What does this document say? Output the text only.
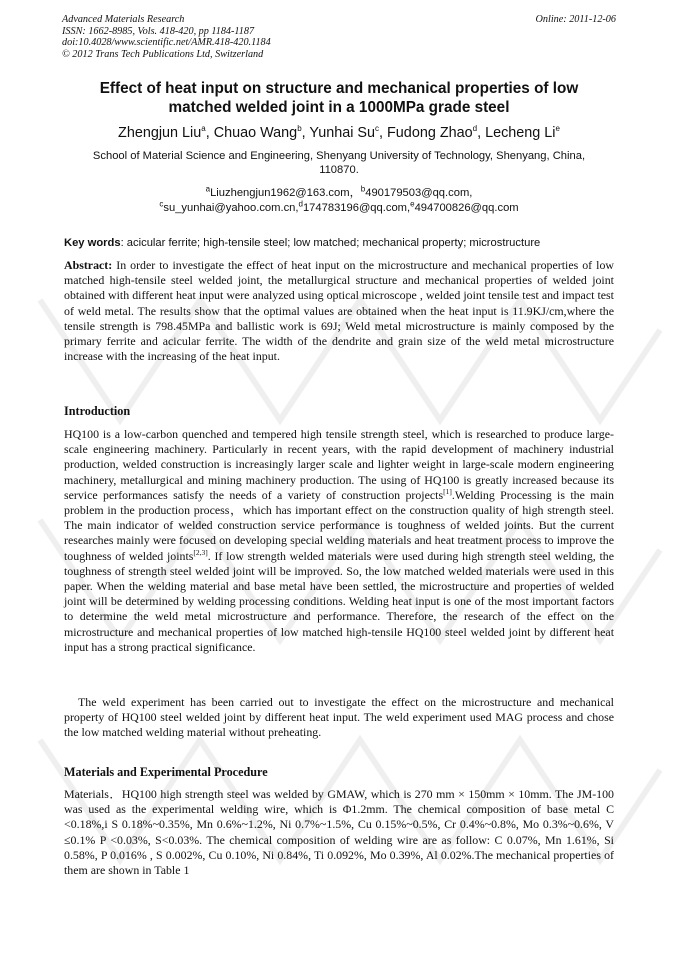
Advanced Materials Research
ISSN: 1662-8985, Vols. 418-420, pp 1184-1187
doi:10.4028/www.scientific.net/AMR.418-420.1184
© 2012 Trans Tech Publications Ltd, Switzerland
Online: 2011-12-06
Effect of heat input on structure and mechanical properties of low
matched welded joint in a 1000MPa grade steel
Zhengjun Liu$^a$, Chuao Wang$^b$, Yunhai Su$^c$, Fudong Zhao$^d$, Lecheng Li$^e$
School of Material Science and Engineering, Shenyang University of Technology, Shenyang, China,
110870.
$^a$Liuzhengjun1962@163.com，$^b$490179503@qq.com,
$^c$su_yunhai@yahoo.com.cn,$^d$174783196@qq.com,$^e$494700826@qq.com
Key words: acicular ferrite; high-tensile steel; low matched; mechanical property; microstructure
Abstract: In order to investigate the effect of heat input on the microstructure and mechanical properties of low matched high-tensile steel welded joint, the metallurgical structure and mechanical properties of welded joint obtained with different heat input were analyzed using optical microscope , welded joint tensile test and impact test of weld metal. The results show that the optimal values are obtained when the heat input is 11.9KJ/cm,where the tensile strength is 798.45MPa and ballistic work is 69J; Weld metal microstructure is mainly composed by the primary ferrite and acicular ferrite. The width of the dendrite and grain size of the weld metal microstructure increase with the increasing of the heat input.
Introduction
HQ100 is a low-carbon quenched and tempered high tensile strength steel, which is researched to produce large-scale engineering machinery. Particularly in recent years, with the rapid development of machinery industrial production, welded construction is increasingly larger scale and lighter weight in large-scale modern engineering machinery, metallurgical and mining machinery production. The using of HQ100 is greatly increased because its service performances satisfy the needs of a variety of construction projects[1].Welding Processing is the main problem in the production process，which has important effect on the construction quality of high strength steel. The main indicator of welded construction service performance is toughness of welded joints. But the current researches mainly were focused on developing special welding materials and heat treatment process to improve the toughness of welded joints[2,3]. If low strength welded materials were used during high strength steel welding, the toughness of strength steel welded joint will be improved. So, the low matched welded materials were used in this paper. When the welding material and base metal have been settled, the microstructure and properties of welded joint will be determined by welding processing conditions. Welding heat input is one of the most important factors to determine the weld metal microstructure and performance. Therefore, the research of the effect on the microstructure and mechanical properties of low matched high-tensile HQ100 steel welded joint by different heat input has a strong practical significance.
The weld experiment has been carried out to investigate the effect on the microstructure and mechanical property of HQ100 steel welded joint by different heat input. The weld experiment used MAG process and chose the low matched welding material without preheating.
Materials and Experimental Procedure
Materials．HQ100 high strength steel was welded by GMAW, which is 270 mm × 150mm × 10mm. The JM-100 was used as the experimental welding wire, which is Φ1.2mm. The chemical composition of base metal C <0.18%,i S 0.18%~0.35%, Mn 0.6%~1.2%, Ni 0.7%~1.5%, Cu 0.15%~0.5%, Cr 0.4%~0.8%, Mo 0.3%~0.6%, V ≤0.1% P <0.03%, S<0.03%. The chemical composition of welding wire are as follow: C 0.07%, Mn 1.61%, Si 0.58%, P 0.016% , S 0.002%, Cu 0.10%, Ni 0.84%, Ti 0.092%, Mo 0.39%, Al 0.02%.The mechanical properties of them are shown in Table 1
